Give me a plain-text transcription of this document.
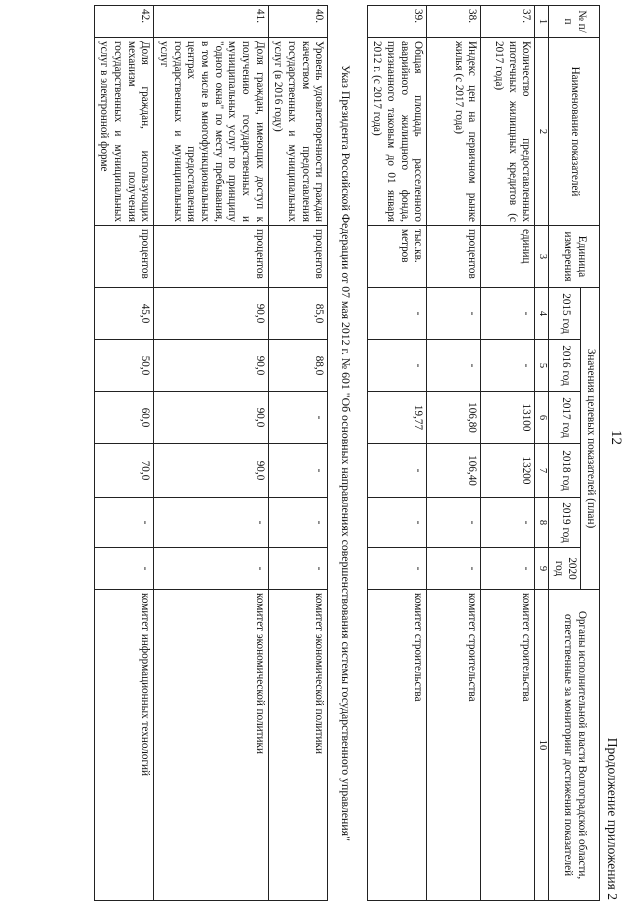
12
Продолжение приложения 2
№ п/п	Наименование показателей	Единица измерения	Значения целевых показателей (план)						Органы исполнительной власти Волгоградской области, ответственные за мониторинг достижения показателей
			2015 год	2016 год	2017 год	2018 год	2019 год	2020 год	
1	2	3	4	5	6	7	8	9	10
37.	Количество предоставленных ипотечных жилищных кредитов (с 2017 года)	единиц	-	-	13100	13200	-	-	комитет строительства
38.	Индекс цен на первичном рынке жилья (с 2017 года)	процентов	-	-	106,80	106,40	-	-	комитет строительства
39.	Общая площадь расселенного аварийного жилищного фонда, признанного таковым до 01 января 2012 г. (с 2017 года)	тыс.кв. метров	-	-	19,77	-	-	-	комитет строительства
Указ Президента Российской Федерации от 07 мая 2012 г. № 601 "Об основных направлениях совершенствования системы государственного управления"									
40.	Уровень удовлетворенности граждан качеством предоставления государственных и муниципальных услуг (в 2016 году)	процентов	85,0	88,0	-	-	-	-	комитет экономической политики
41.	Доля граждан, имеющих доступ к получению государственных и муниципальных услуг по принципу "одного окна" по месту пребывания, в том числе в многофункциональных центрах предоставления государственных и муниципальных услуг	процентов	90,0	90,0	90,0	90,0	-	-	комитет экономической политики
42.	Доля граждан, использующих механизм получения государственных и муниципальных услуг в электронной форме	процентов	45,0	50,0	60,0	70,0	-	-	комитет информационных технологий
